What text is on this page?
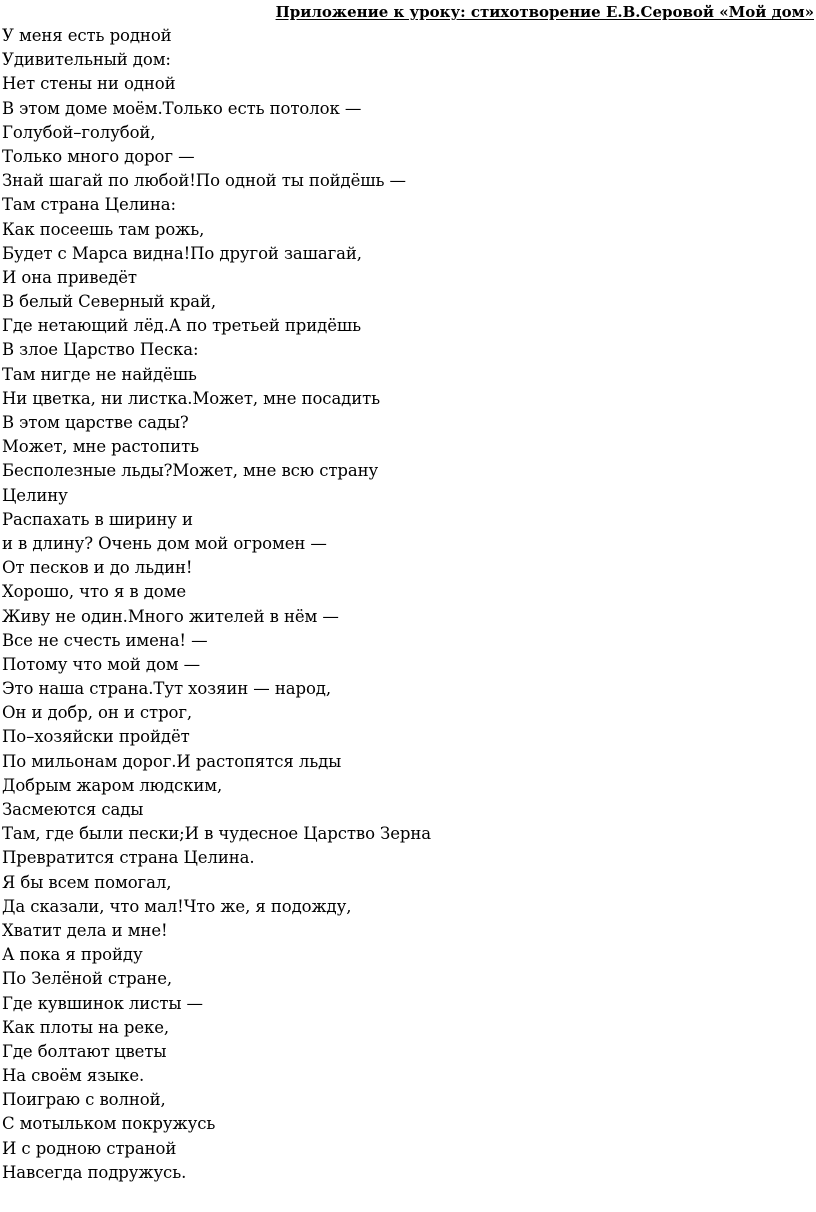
Приложение к уроку: стихотворение Е.В.Серовой «Мой дом»
У меня есть родной
Удивительный дом:
Нет стены ни одной
В этом доме моём.Только есть потолок —
Голубой–голубой,
Только много дорог —
Знай шагай по любой!По одной ты пойдёшь —
Там страна Целина:
Как посеешь там рожь,
Будет с Марса видна!По другой зашагай,
И она приведёт
В белый Северный край,
Где нетающий лёд.А по третьей придёшь
В злое Царство Песка:
Там нигде не найдёшь
Ни цветка, ни листка.Может, мне посадить
В этом царстве сады?
Может, мне растопить
Бесполезные льды?Может, мне всю страну
Целину
Распахать в ширину и
и в длину? Очень дом мой огромен —
От песков и до льдин!
Хорошо, что я в доме
Живу не один.Много жителей в нём —
Все не счесть имена! —
Потому что мой дом —
Это наша страна.Тут хозяин — народ,
Он и добр, он и строг,
По–хозяйски пройдёт
По мильонам дорог.И растопятся льды
Добрым жаром людским,
Засмеются сады
Там, где были пески;И в чудесное Царство Зерна
Превратится страна Целина.
Я бы всем помогал,
Да сказали, что мал!Что же, я подожду,
Хватит дела и мне!
А пока я пройду
По Зелёной стране,
Где кувшинок листы —
Как плоты на реке,
Где болтают цветы
На своём языке.
Поиграю с волной,
С мотыльком покружусь
И с родною страной
Навсегда подружусь.
